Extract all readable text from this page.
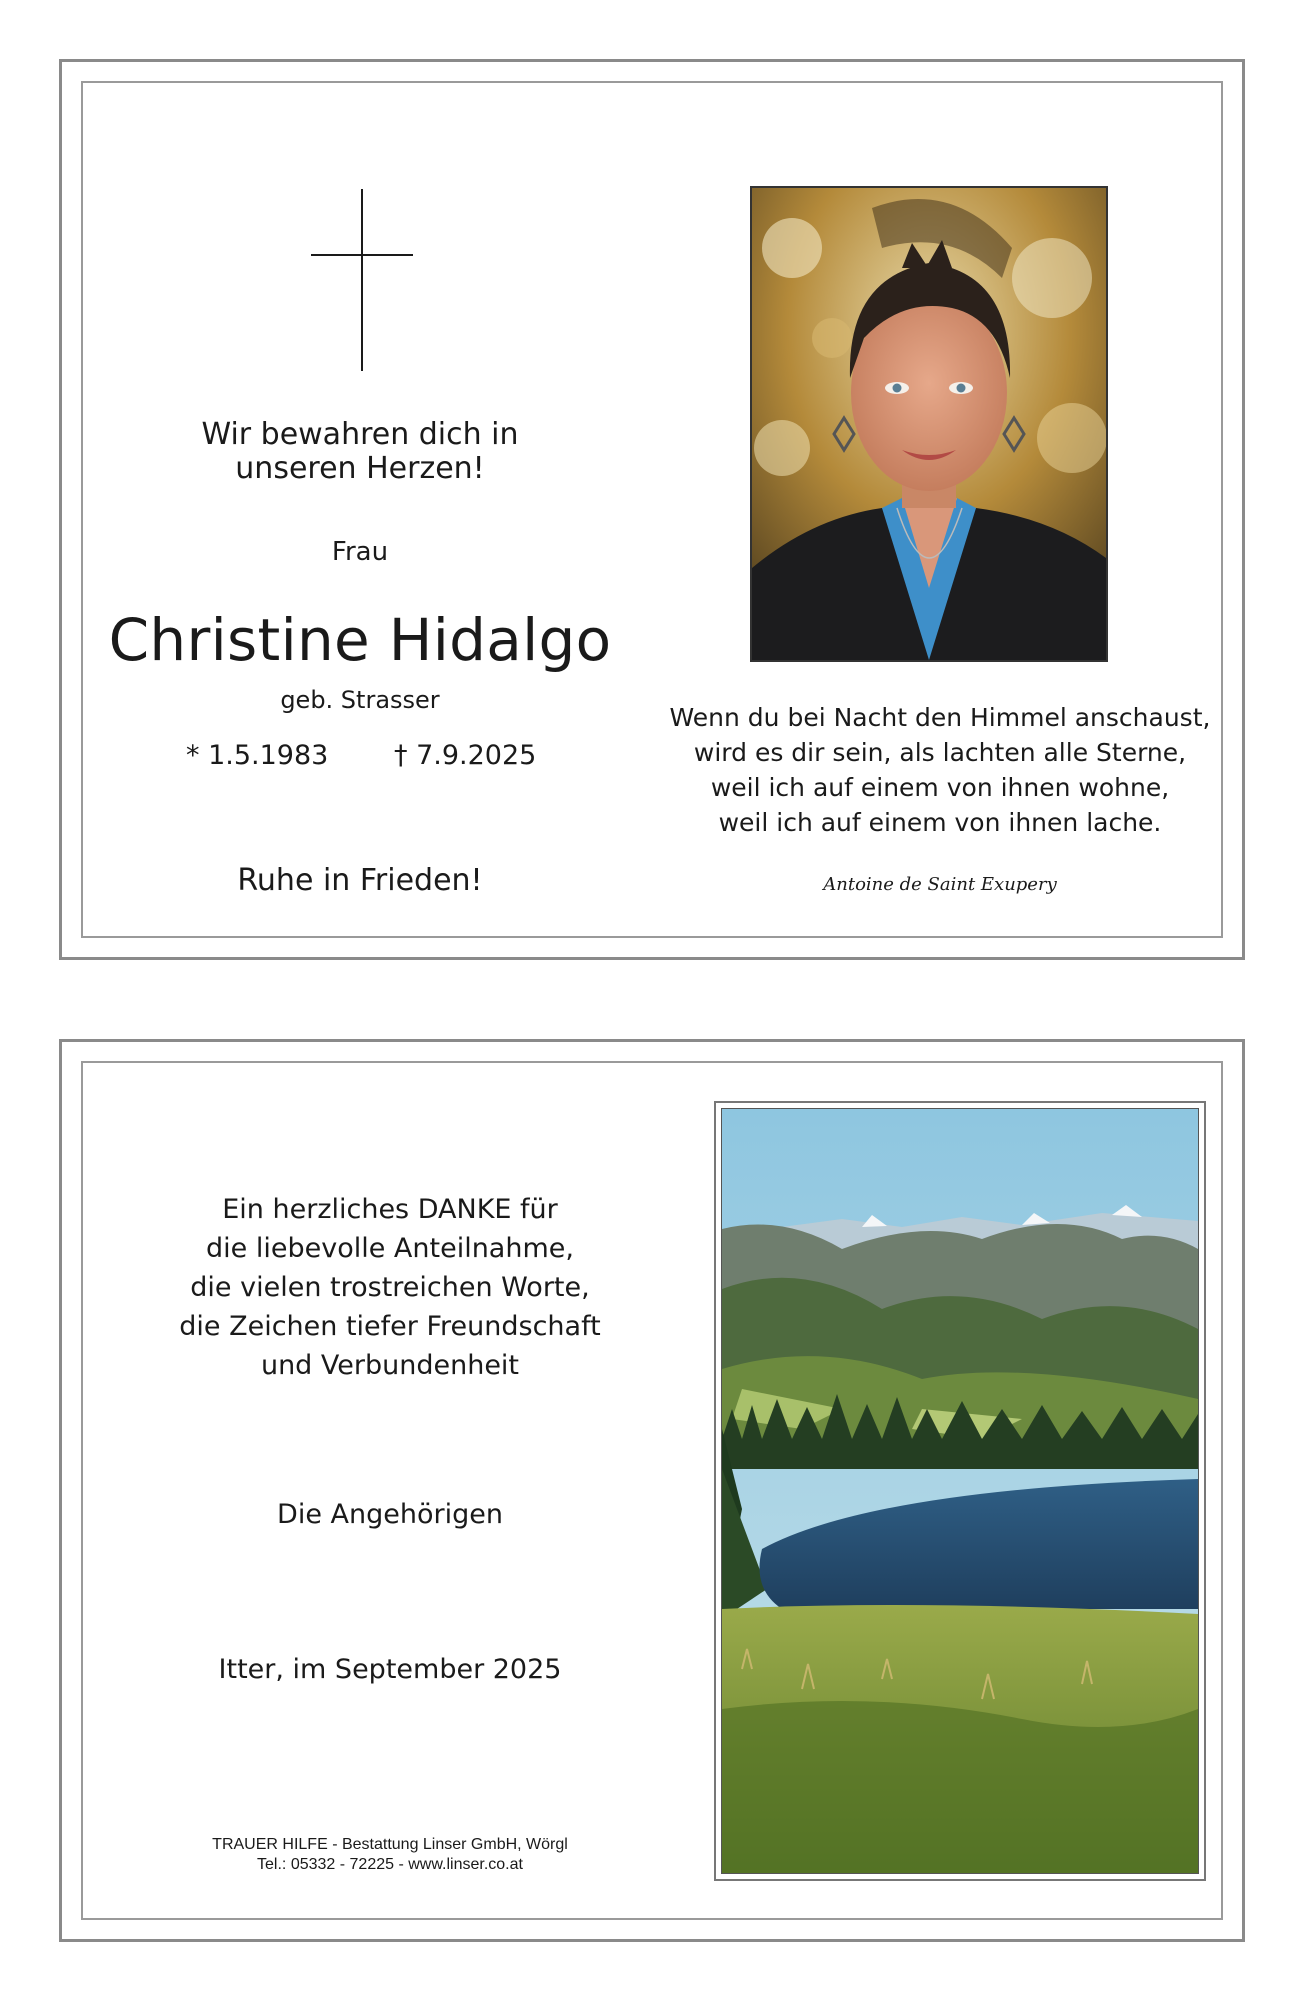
Wir bewahren dich in
unseren Herzen!
Frau
Christine Hidalgo
geb. Strasser
* 1.5.1983 † 7.9.2025
Ruhe in Frieden!
Wenn du bei Nacht den Himmel anschaust,
wird es dir sein, als lachten alle Sterne,
weil ich auf einem von ihnen wohne,
weil ich auf einem von ihnen lache.
Antoine de Saint Exupery
Ein herzliches DANKE für
die liebevolle Anteilnahme,
die vielen trostreichen Worte,
die Zeichen tiefer Freundschaft
und Verbundenheit
Die Angehörigen
Itter, im September 2025
TRAUER HILFE - Bestattung Linser GmbH, Wörgl
Tel.: 05332 - 72225 - www.linser.co.at
